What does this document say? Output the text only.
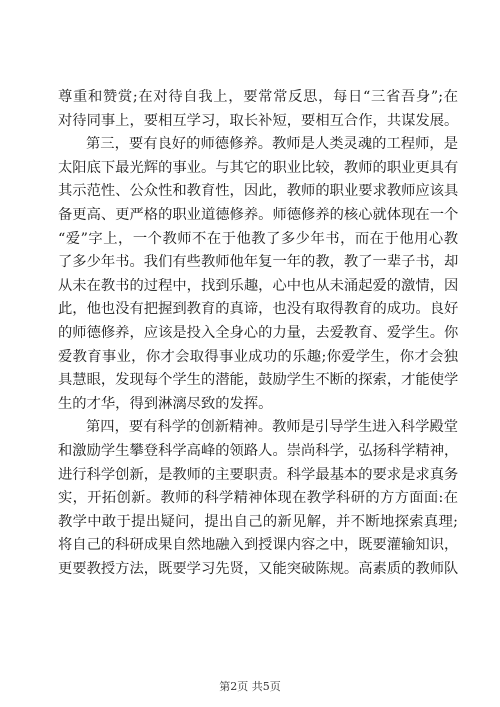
尊重和赞赏;在对待自我上，要常常反思，每日“三省吾身”;在
对待同事上，要相互学习，取长补短，要相互合作，共谋发展。
第三，要有良好的师德修养。教师是人类灵魂的工程师，是
太阳底下最光辉的事业。与其它的职业比较，教师的职业更具有
其示范性、公众性和教育性，因此，教师的职业要求教师应该具
备更高、更严格的职业道德修养。师德修养的核心就体现在一个
“爱”字上，一个教师不在于他教了多少年书，而在于他用心教
了多少年书。我们有些教师他年复一年的教，教了一辈子书，却
从未在教书的过程中，找到乐趣，心中也从未涌起爱的激情，因
此，他也没有把握到教育的真谛，也没有取得教育的成功。良好
的师德修养，应该是投入全身心的力量，去爱教育、爱学生。你
爱教育事业，你才会取得事业成功的乐趣;你爱学生，你才会独
具慧眼，发现每个学生的潜能，鼓励学生不断的探索，才能使学
生的才华，得到淋漓尽致的发挥。
第四，要有科学的创新精神。教师是引导学生进入科学殿堂
和激励学生攀登科学高峰的领路人。崇尚科学，弘扬科学精神，
进行科学创新，是教师的主要职责。科学最基本的要求是求真务
实，开拓创新。教师的科学精神体现在教学科研的方方面面:在
教学中敢于提出疑问，提出自己的新见解，并不断地探索真理;
将自己的科研成果自然地融入到授课内容之中，既要灌输知识，
更要教授方法，既要学习先贤，又能突破陈规。高素质的教师队
第2页 共5页
